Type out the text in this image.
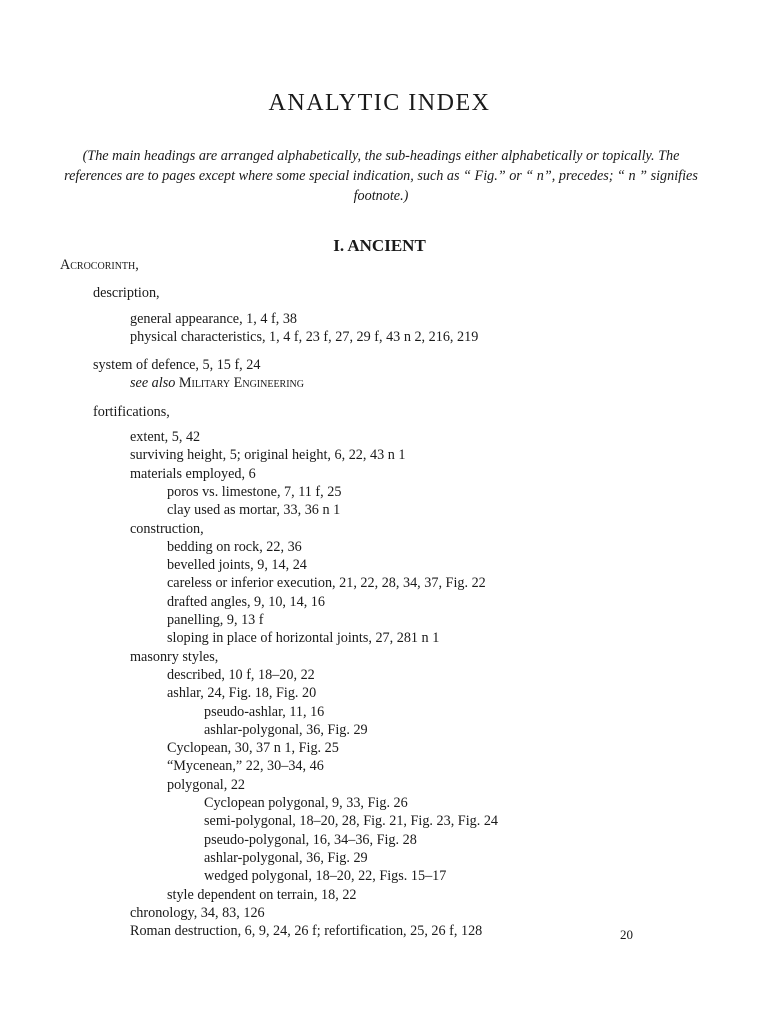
ANALYTIC INDEX

(The main headings are arranged alphabetically, the sub-headings either alphabetically or topically. The references are to pages except where some special indication, such as “ Fig.” or “ n”, precedes; “ n ” signifies footnote.)

I. ANCIENT
Acrocorinth,
description,
general appearance, 1, 4 f, 38
physical characteristics, 1, 4 f, 23 f, 27, 29 f, 43 n 2, 216, 219
system of defence, 5, 15 f, 24
see also Military Engineering
fortifications,
extent, 5, 42
surviving height, 5; original height, 6, 22, 43 n 1
materials employed, 6
poros vs. limestone, 7, 11 f, 25
clay used as mortar, 33, 36 n 1
construction,
bedding on rock, 22, 36
bevelled joints, 9, 14, 24
careless or inferior execution, 21, 22, 28, 34, 37, Fig. 22
drafted angles, 9, 10, 14, 16
panelling, 9, 13 f
sloping in place of horizontal joints, 27, 281 n 1
masonry styles,
described, 10 f, 18–20, 22
ashlar, 24, Fig. 18, Fig. 20
pseudo-ashlar, 11, 16
ashlar-polygonal, 36, Fig. 29
Cyclopean, 30, 37 n 1, Fig. 25
“Mycenean,” 22, 30–34, 46
polygonal, 22
Cyclopean polygonal, 9, 33, Fig. 26
semi-polygonal, 18–20, 28, Fig. 21, Fig. 23, Fig. 24
pseudo-polygonal, 16, 34–36, Fig. 28
ashlar-polygonal, 36, Fig. 29
wedged polygonal, 18–20, 22, Figs. 15–17
style dependent on terrain, 18, 22
chronology, 34, 83, 126
Roman destruction, 6, 9, 24, 26 f; refortification, 25, 26 f, 128	20
